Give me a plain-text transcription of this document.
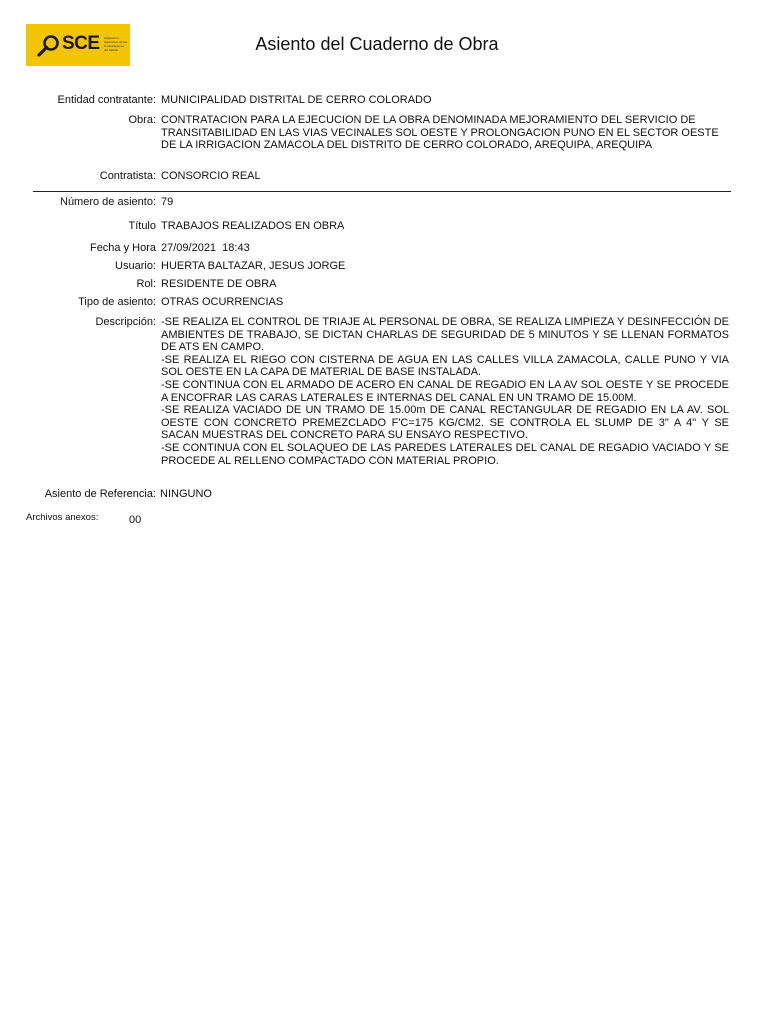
SCE Organismo Supervisor de las Contrataciones del Estado	Asiento del Cuaderno de Obra
Entidad contratante: MUNICIPALIDAD DISTRITAL DE CERRO COLORADO
Obra: CONTRATACION PARA LA EJECUCION DE LA OBRA DENOMINADA MEJORAMIENTO DEL SERVICIO DE TRANSITABILIDAD EN LAS VIAS VECINALES SOL OESTE Y PROLONGACION PUNO EN EL SECTOR OESTE DE LA IRRIGACION ZAMACOLA DEL DISTRITO DE CERRO COLORADO, AREQUIPA, AREQUIPA
Contratista: CONSORCIO REAL
Número de asiento: 79
Título TRABAJOS REALIZADOS EN OBRA
Fecha y Hora 27/09/2021  18:43
Usuario: HUERTA BALTAZAR, JESUS JORGE
Rol: RESIDENTE DE OBRA
Tipo de asiento: OTRAS OCURRENCIAS
Descripción: -SE REALIZA EL CONTROL DE TRIAJE AL PERSONAL DE OBRA, SE REALIZA LIMPIEZA Y DESINFECCIÓN DE AMBIENTES DE TRABAJO, SE DICTAN CHARLAS DE SEGURIDAD DE 5 MINUTOS Y SE LLENAN FORMATOS DE ATS EN CAMPO.

-SE REALIZA EL RIEGO CON CISTERNA DE AGUA EN LAS CALLES VILLA ZAMACOLA, CALLE PUNO Y VIA SOL OESTE EN LA CAPA DE MATERIAL DE BASE INSTALADA.

-SE CONTINUA CON EL ARMADO DE ACERO EN CANAL DE REGADIO EN LA AV SOL OESTE Y SE PROCEDE A ENCOFRAR LAS CARAS LATERALES E INTERNAS DEL CANAL EN UN TRAMO DE 15.00M.

-SE REALIZA VACIADO DE UN TRAMO DE 15.00m DE CANAL RECTANGULAR DE REGADIO EN LA AV. SOL OESTE CON CONCRETO PREMEZCLADO F'C=175 KG/CM2. SE CONTROLA EL SLUMP DE 3" A 4" Y SE SACAN MUESTRAS DEL CONCRETO PARA SU ENSAYO RESPECTIVO.

-SE CONTINUA CON EL SOLAQUEO DE LAS PAREDES LATERALES DEL CANAL DE REGADIO VACIADO Y SE PROCEDE AL RELLENO COMPACTADO CON MATERIAL PROPIO.

Asiento de Referencia: NINGUNO
Archivos anexos:	00
